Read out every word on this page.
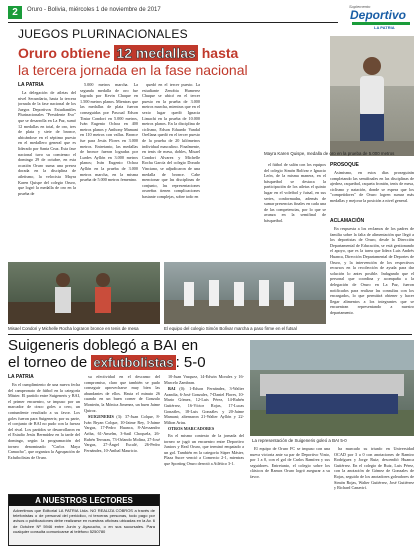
2	Oruro - Bolivia, miércoles 1 de noviembre de 2017
Suplemento
Deportivo
LA PATRIA
JUEGOS PLURINACIONALES
Oruro obtiene 12 medallas hasta
la tercera jornada en la fase nacional
LA PATRIA

La delegación de atletas del nivel Secundaria, hasta la tercera jornada de la fase nacional de los Juegos Deportivos Estudiantiles Plurinacionales "Presidente Evo" que se desarrolla en La Paz, sumó 12 medallas en total, de oro, tres de plata y siete de bronce, ubicándose en el séptimo puesto en el medallero general que es liderado por Santa Cruz. Esta fase nacional tuvo su comienzo el domingo 29 de octubre, en esta ocasión Oruro suma una presea dorada en la disciplina de atletismo, la velocista Mayra Karen Quispe del colegio Oruro, que logró la medalla de oro en la prueba de

5.000 metros marcha. La segunda medalla de oro fue lograda por Kevin Chaque en 1.500 metros planos. Mientras que las medallas de plata fueron conseguidas por Pascual Edson Tintar Condori en 5.000 metros, Iván Eugenio Ochoa en 400 metros planos y Anthony Mamani en 110 metros con vallas. Bronce fue para Jesús Flores en 3.000 metros. Entretanto, las medallas de bronce fueron logradas por Lurdes Ayllón en 3.000 metros planos; Iván Eugenio Ochoa Ayllón en la prueba de 3.000 metros marcha, en la misma prueba de 5.000 metros femenino.

quedó en el tercer puesto. La estudiante Zenobia Humerez Chuque se ubicó en el tercer puesto en la prueba de 3.000 metros marcha, mientras que en el sexto lugar quedó Ignacia Limachi en la prueba de 10.000 metros planos. En la disciplina de ciclismo, Edson Eduardo Vandal Orellana quedó en el tercer puesto de la prueba de 20 kilómetros individual masculino. Finalmente, en tenis de mesa, dobles, Misael Condori Alvarez y Michelle Rocha García del colegio Dorado Vinciano, se adjudicaron de una medalla de bronce. Cabe mencionar que las disciplinas de conjunto, las representaciones orureñas tienen complicaciones bastante complejas, sobre todo en

el fútbol de salón con los equipos del colegio Simón Bolívar e Ignacio León, de la misma manera, en el básquetbol se destaca la participación de los atletas el quinto lugar en el voleibol y futsal, en sus series, conformadas, además de sumar presencias finales en cada una de las competencias, por lo que se avanza en la semifinal de básquetbol.

Mayra Karen Quispe, medalla de oro en la prueba de 5.000 metros
PROSOQUE

Asimismo, en estos días proseguirán completando las semifinales en las disciplinas de ajedrez, raquetbol, raqueta frontón, tenis de mesa, ciclismo y natación, donde se espera que los "competidores" de Oruro logren sumar más medallas y mejorar la posición a nivel general.

ACLAMACIÓN

En respuesta a los reclamos de los padres de familia sobre la falta de alimentación que llegó a los deportistas de Oruro, desde la Dirección Departamental de Educación, se está gestionando el apoyo, que es la tarea que lidera Luis Andrés Huanca, Dirección Departamental de Deportes de Oruro, y la intervención de los respectivos recursos en la recolección de ayuda para dar solución lo antes posible. Indagando que el personal que coordina y acompaña a la delegación de Oruro en La Paz, fueron notificados para realizar las consultas con los encargados, lo que permitirá obtener y hacer llegar alimentos a los integrantes que se encuentran representando a nuestro departamento.

Misael Condori y Michelle Rocha lograron bronce en tenis de mesa	El equipo del colegio Simón Bolívar marcha a paso firme en el futsal
Suigeneris doblegó a BAI en
el torneo de exfutbolistas : 5-0
LA PATRIA

En el cumplimiento de una nueva fecha del campeonato de fútbol en la categoría Máster. El partido entre Suigeneris y BAI, el primer encuentro, se impuso por un marcador de cinco goles a cero, un contundente resultado a su favor. Los goles fueron para Suigeneris; por su parte, el conjunto de BAI no pudo con la fuerza del rival. Los partidos se desarrollaron en el Estadio Jesús Bermúdez en la tarde del domingo, según la programación del torneo denominado "Carlos Maya Camacho", que organiza la Agrupación de Exfutbolistas de Oruro.

su efectividad en el descanso del compromiso, claro que también se pudo conseguir aprovecharse muy bien las abundantes de ellos. Hasta el minuto 26 cuando en un buen corner de Gonzalo Monteón, la Mónica Jimenez, un buen Jaime Quiroz.

SUIGENERIS (3): 37-Juan Colque, 8-Iván Bryan Colque, 10-Jaime Rey, 3-Jaime Vargas, 17-Pedro Huanca, 8-Alessandro Ariba, 61-Anselm, 3-Saúl Choquela, 26-Rubén Terrazas, 73-Orlando Molina, 27-José Vargas, 27-Ángel Escalé, 26-Pedro Fernández, 10-Anibal Mauricio.

10-Juan Vasquez, 14-Edwin Morales y 16-Marcelo Zambran.

BAI (0): 1-Edson Fernández, 3-Walter Arandia, 6-José Gonzales, 7-Daniel Flores, 10-Mario Gómez, 12-Luis Pérez, 14-Rubén Gutiérrez, 16-Víctor Rojas, 17-Lucas Gonzáles, 18-Luis Gonzáles y 20-Jaime Mamani; alternaron 21-Walter Ayllón y 22-Milton Arias.

OTROS MARCADORES

En el mismo contexto de la jornada del torneo se jugó un encuentro entre Deportivo Juniors y Real Oruro, que terminó empatado a un gol. También en la categoría Súper Máster, Plaza Sucre venció a Comercio 2-1, mientras que Sporting Oruro derrotó a Atlético 3-1.

La representación de Suigeneris goleó a BAI 5-0

El equipo de Oruro FC se impuso con una nueva victoria ante su par de Deportivo Vinto, por 1 a 0, con el gol de Carlos Ramírez y sus seguidores. Entretanto, el colegio sobre los clásicos de Ramos Oruro logró asegurar a su favor.

ha marcado su triunfo en Universidad OCAD por 3 a 0 con anotaciones de Ramiro Rodríguez y Jorge Ruiz; descendió Huanca Gutiérrez. En el colegio de Ruiz, Luis Pérez, con la anotación de Gómez de Gonzales de Rojas, seguido de los anotadores goleadores de Simón Rojas, Walter Gutiérrez, José Gutiérrez y Richard Canavirí.

A NUESTROS LECTORES
Advertimos que Editorial LA PATRIA Ltda. NO REALIZA COBROS a través de telefonistas o de personal del periódico, ni terceras personas, todo pago por avisos o publicaciones debe realizarse en nuestras oficinas ubicadas en la Av. 6 de Octubre Nº 5946 entre Junín y Ayacucho, o en sus sucursales. Para cualquier consulta comunicarse al teléfono 5250780
